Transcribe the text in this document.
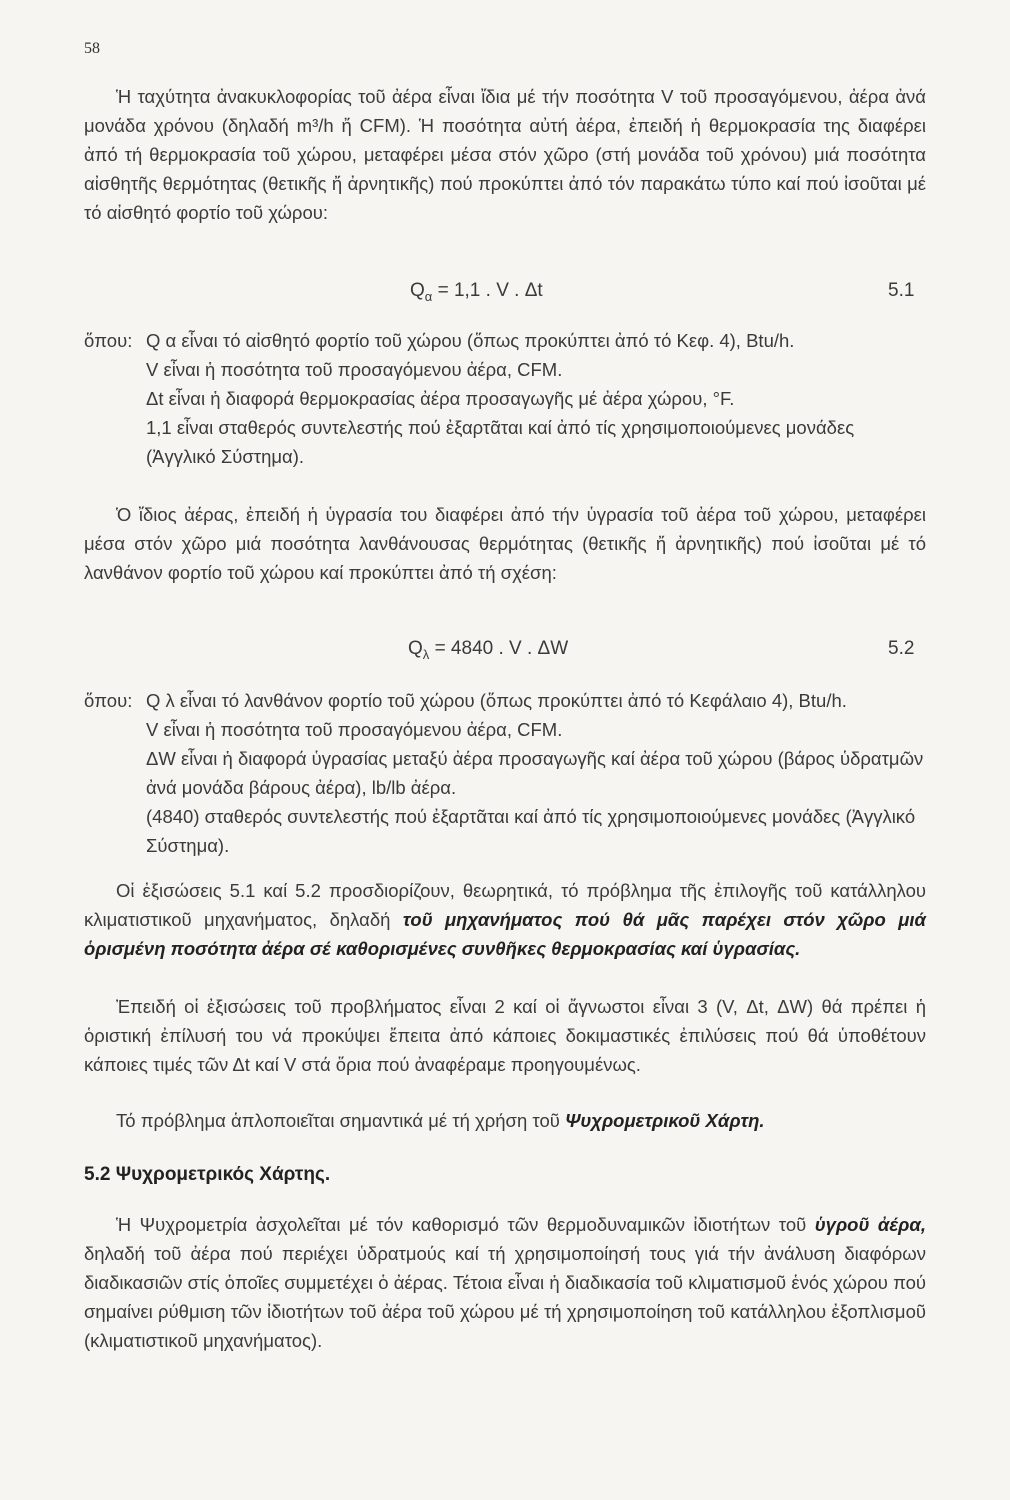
58
Ἡ ταχύτητα ἀνακυκλοφορίας τοῦ ἀέρα εἶναι ἴδια μέ τήν ποσότητα V τοῦ προσαγόμενου, ἀέρα ἀνά μονάδα χρόνου (δηλαδή m³/h ἤ CFM). Ἡ ποσότητα αὐτή ἀέρα, ἐπειδή ἡ θερμοκρασία της διαφέρει ἀπό τή θερμοκρασία τοῦ χώρου, μεταφέρει μέσα στόν χῶρο (στή μονάδα τοῦ χρόνου) μιά ποσότητα αἰσθητῆς θερμότητας (θετικῆς ἤ ἀρνητικῆς) πού προκύπτει ἀπό τόν παρακάτω τύπο καί πού ἰσοῦται μέ τό αἰσθητό φορτίο τοῦ χώρου:
$Q_\alpha = 1,1$ . V . Δt	5.1
ὅπου: Q α εἶναι τό αἰσθητό φορτίο τοῦ χώρου (ὅπως προκύπτει ἀπό τό Κεφ. 4), Btu/h.
V εἶναι ἡ ποσότητα τοῦ προσαγόμενου ἀέρα, CFM.
Δt εἶναι ἡ διαφορά θερμοκρασίας ἀέρα προσαγωγῆς μέ ἀέρα χώρου, °F.
1,1 εἶναι σταθερός συντελεστής πού ἐξαρτᾶται καί ἀπό τίς χρησιμοποιούμενες μονάδες (Ἀγγλικό Σύστημα).
Ὁ ἴδιος ἀέρας, ἐπειδή ἡ ὑγρασία του διαφέρει ἀπό τήν ὑγρασία τοῦ ἀέρα τοῦ χώρου, μεταφέρει μέσα στόν χῶρο μιά ποσότητα λανθάνουσας θερμότητας (θετικῆς ἤ ἀρνητικῆς) πού ἰσοῦται μέ τό λανθάνον φορτίο τοῦ χώρου καί προκύπτει ἀπό τή σχέση:
$Q_\lambda = 4840$ . V . ΔW	5.2
ὅπου: Q λ εἶναι τό λανθάνον φορτίο τοῦ χώρου (ὅπως προκύπτει ἀπό τό Κεφάλαιο 4), Btu/h.
V εἶναι ἡ ποσότητα τοῦ προσαγόμενου ἀέρα, CFM.
ΔW εἶναι ἡ διαφορά ὑγρασίας μεταξύ ἀέρα προσαγωγῆς καί ἀέρα τοῦ χώρου (βάρος ὑδρατμῶν ἀνά μονάδα βάρους ἀέρα), lb/lb ἀέρα.
(4840) σταθερός συντελεστής πού ἐξαρτᾶται καί ἀπό τίς χρησιμοποιούμενες μονάδες (Ἀγγλικό Σύστημα).
Οἱ ἐξισώσεις 5.1 καί 5.2 προσδιορίζουν, θεωρητικά, τό πρόβλημα τῆς ἐπιλογῆς τοῦ κατάλληλου κλιματιστικοῦ μηχανήματος, δηλαδή τοῦ μηχανήματος πού θά μᾶς παρέχει στόν χῶρο μιά ὁρισμένη ποσότητα ἀέρα σέ καθορισμένες συνθῆκες θερμοκρασίας καί ὑγρασίας.
Ἐπειδή οἱ ἐξισώσεις τοῦ προβλήματος εἶναι 2 καί οἱ ἄγνωστοι εἶναι 3 (V, Δt, ΔW) θά πρέπει ἡ ὁριστική ἐπίλυσή του νά προκύψει ἔπειτα ἀπό κάποιες δοκιμαστικές ἐπιλύσεις πού θά ὑποθέτουν κάποιες τιμές τῶν Δt καί V στά ὅρια πού ἀναφέραμε προηγουμένως.
Τό πρόβλημα ἁπλοποιεῖται σημαντικά μέ τή χρήση τοῦ Ψυχρομετρικοῦ Χάρτη.
5.2 Ψυχρομετρικός Χάρτης.
Ἡ Ψυχρομετρία ἀσχολεῖται μέ τόν καθορισμό τῶν θερμοδυναμικῶν ἰδιοτήτων τοῦ ὑγροῦ ἀέρα, δηλαδή τοῦ ἀέρα πού περιέχει ὑδρατμούς καί τή χρησιμοποίησή τους γιά τήν ἀνάλυση διαφόρων διαδικασιῶν στίς ὁποῖες συμμετέχει ὁ ἀέρας. Τέτοια εἶναι ἡ διαδικασία τοῦ κλιματισμοῦ ἑνός χώρου πού σημαίνει ρύθμιση τῶν ἰδιοτήτων τοῦ ἀέρα τοῦ χώρου μέ τή χρησιμοποίηση τοῦ κατάλληλου ἐξοπλισμοῦ (κλιματιστικοῦ μηχανήματος).
